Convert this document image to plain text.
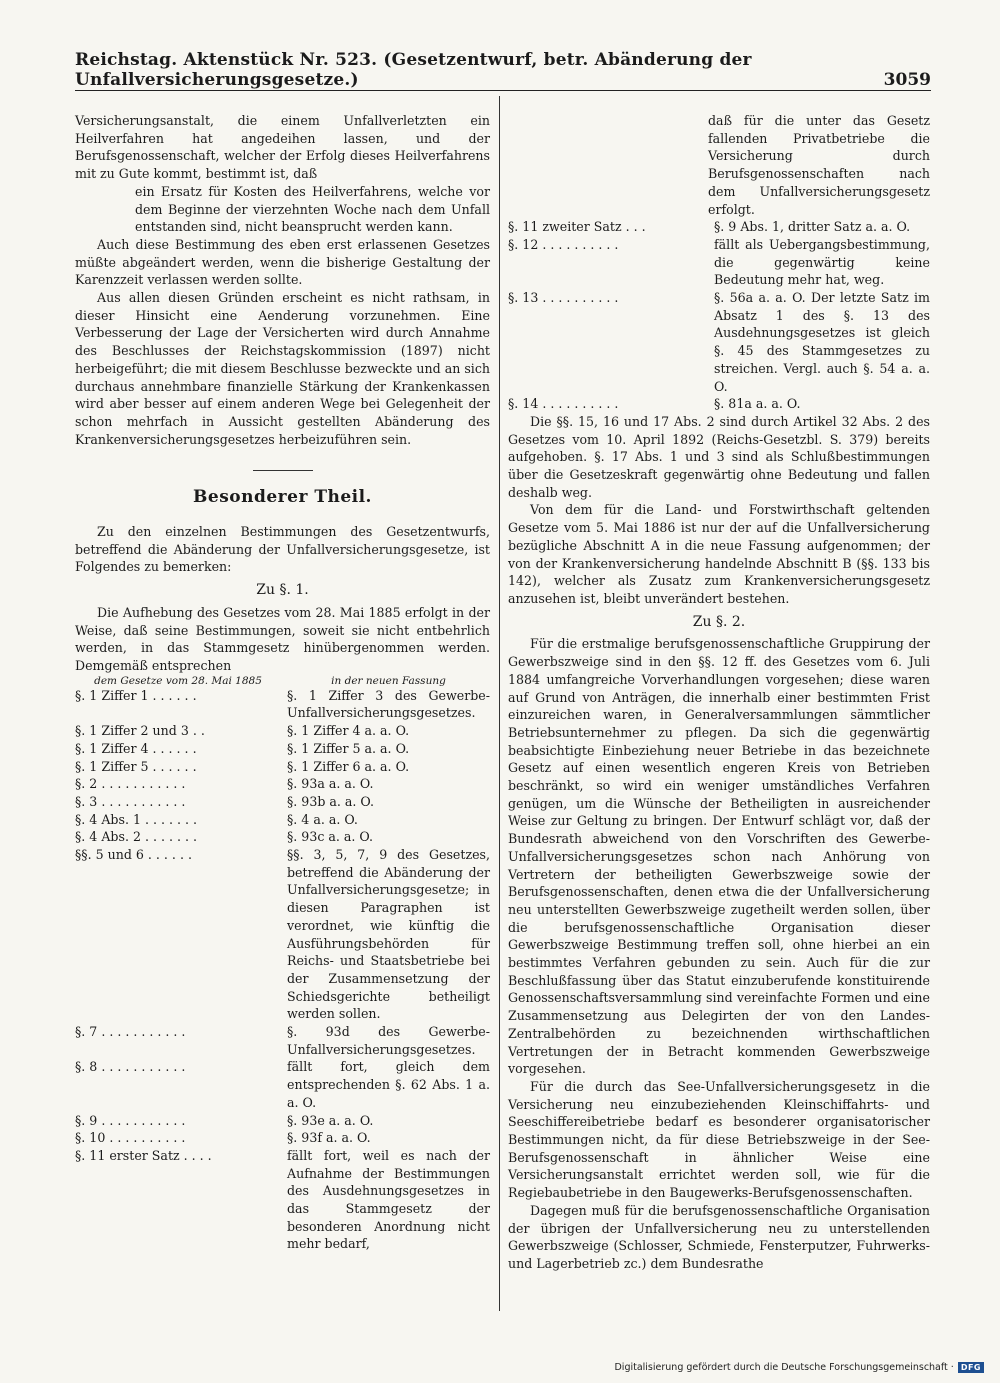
Reichstag. Aktenstück Nr. 523. (Gesetzentwurf, betr. Abänderung der Unfallversicherungsgesetze.)	3059

Versicherungsanstalt, die einem Unfallverletzten ein Heilverfahren hat angedeihen lassen, und der Berufsgenossenschaft, welcher der Erfolg dieses Heilverfahrens mit zu Gute kommt, bestimmt ist, daß

ein Ersatz für Kosten des Heilverfahrens, welche vor dem Beginne der vierzehnten Woche nach dem Unfall entstanden sind, nicht beansprucht werden kann.

Auch diese Bestimmung des eben erst erlassenen Gesetzes müßte abgeändert werden, wenn die bisherige Gestaltung der Karenzzeit verlassen werden sollte.

Aus allen diesen Gründen erscheint es nicht rathsam, in dieser Hinsicht eine Aenderung vorzunehmen. Eine Verbesserung der Lage der Versicherten wird durch Annahme des Beschlusses der Reichstagskommission (1897) nicht herbeigeführt; die mit diesem Beschlusse bezweckte und an sich durchaus annehmbare finanzielle Stärkung der Krankenkassen wird aber besser auf einem anderen Wege bei Gelegenheit der schon mehrfach in Aussicht gestellten Abänderung des Krankenversicherungsgesetzes herbeizuführen sein.

Besonderer Theil.

Zu den einzelnen Bestimmungen des Gesetzentwurfs, betreffend die Abänderung der Unfallversicherungsgesetze, ist Folgendes zu bemerken:

Zu §. 1.

Die Aufhebung des Gesetzes vom 28. Mai 1885 erfolgt in der Weise, daß seine Bestimmungen, soweit sie nicht entbehrlich werden, in das Stammgesetz hinübergenommen werden. Demgemäß entsprechen

dem Gesetze vom 28. Mai 1885	in der neuen Fassung
§. 1 Ziffer 1 . . . . . .	§. 1 Ziffer 3 des Gewerbe-Unfallversicherungsgesetzes.
§. 1 Ziffer 2 und 3 . .	§. 1 Ziffer 4 a. a. O.
§. 1 Ziffer 4 . . . . . .	§. 1 Ziffer 5 a. a. O.
§. 1 Ziffer 5 . . . . . .	§. 1 Ziffer 6 a. a. O.
§. 2 . . . . . . . . . . .	§. 93a a. a. O.
§. 3 . . . . . . . . . . .	§. 93b a. a. O.
§. 4 Abs. 1 . . . . . . .	§. 4 a. a. O.
§. 4 Abs. 2 . . . . . . .	§. 93c a. a. O.
§§. 5 und 6 . . . . . .	§§. 3, 5, 7, 9 des Gesetzes, betreffend die Abänderung der Unfallversicherungsgesetze; in diesen Paragraphen ist verordnet, wie künftig die Ausführungsbehörden für Reichs- und Staatsbetriebe bei der Zusammensetzung der Schiedsgerichte betheiligt werden sollen.
§. 7 . . . . . . . . . . .	§. 93d des Gewerbe-Unfallversicherungsgesetzes.
§. 8 . . . . . . . . . . .	fällt fort, gleich dem entsprechenden §. 62 Abs. 1 a. a. O.
§. 9 . . . . . . . . . . .	§. 93e a. a. O.
§. 10 . . . . . . . . . .	§. 93f a. a. O.
§. 11 erster Satz . . . .	fällt fort, weil es nach der Aufnahme der Bestimmungen des Ausdehnungsgesetzes in das Stammgesetz der besonderen Anordnung nicht mehr bedarf,

daß für die unter das Gesetz fallenden Privatbetriebe die Versicherung durch Berufsgenossenschaften nach dem Unfallversicherungsgesetz erfolgt.

§. 11 zweiter Satz . . .	§. 9 Abs. 1, dritter Satz a. a. O.
§. 12 . . . . . . . . . .	fällt als Uebergangsbestimmung, die gegenwärtig keine Bedeutung mehr hat, weg.
§. 13 . . . . . . . . . .	§. 56a a. a. O. Der letzte Satz im Absatz 1 des §. 13 des Ausdehnungsgesetzes ist gleich §. 45 des Stammgesetzes zu streichen. Vergl. auch §. 54 a. a. O.
§. 14 . . . . . . . . . .	§. 81a a. a. O.

Die §§. 15, 16 und 17 Abs. 2 sind durch Artikel 32 Abs. 2 des Gesetzes vom 10. April 1892 (Reichs-Gesetzbl. S. 379) bereits aufgehoben. §. 17 Abs. 1 und 3 sind als Schlußbestimmungen über die Gesetzeskraft gegenwärtig ohne Bedeutung und fallen deshalb weg.

Von dem für die Land- und Forstwirthschaft geltenden Gesetze vom 5. Mai 1886 ist nur der auf die Unfallversicherung bezügliche Abschnitt A in die neue Fassung aufgenommen; der von der Krankenversicherung handelnde Abschnitt B (§§. 133 bis 142), welcher als Zusatz zum Krankenversicherungsgesetz anzusehen ist, bleibt unverändert bestehen.

Zu §. 2.

Für die erstmalige berufsgenossenschaftliche Gruppirung der Gewerbszweige sind in den §§. 12 ff. des Gesetzes vom 6. Juli 1884 umfangreiche Vorverhandlungen vorgesehen; diese waren auf Grund von Anträgen, die innerhalb einer bestimmten Frist einzureichen waren, in Generalversammlungen sämmtlicher Betriebsunternehmer zu pflegen. Da sich die gegenwärtig beabsichtigte Einbeziehung neuer Betriebe in das bezeichnete Gesetz auf einen wesentlich engeren Kreis von Betrieben beschränkt, so wird ein weniger umständliches Verfahren genügen, um die Wünsche der Betheiligten in ausreichender Weise zur Geltung zu bringen. Der Entwurf schlägt vor, daß der Bundesrath abweichend von den Vorschriften des Gewerbe-Unfallversicherungsgesetzes schon nach Anhörung von Vertretern der betheiligten Gewerbszweige sowie der Berufsgenossenschaften, denen etwa die der Unfallversicherung neu unterstellten Gewerbszweige zugetheilt werden sollen, über die berufsgenossenschaftliche Organisation dieser Gewerbszweige Bestimmung treffen soll, ohne hierbei an ein bestimmtes Verfahren gebunden zu sein. Auch für die zur Beschlußfassung über das Statut einzuberufende konstituirende Genossenschaftsversammlung sind vereinfachte Formen und eine Zusammensetzung aus Delegirten der von den Landes-Zentralbehörden zu bezeichnenden wirthschaftlichen Vertretungen der in Betracht kommenden Gewerbszweige vorgesehen.

Für die durch das See-Unfallversicherungsgesetz in die Versicherung neu einzubeziehenden Kleinschiffahrts- und Seeschiffereibetriebe bedarf es besonderer organisatorischer Bestimmungen nicht, da für diese Betriebszweige in der See-Berufsgenossenschaft in ähnlicher Weise eine Versicherungsanstalt errichtet werden soll, wie für die Regiebaubetriebe in den Baugewerks-Berufsgenossenschaften.

Dagegen muß für die berufsgenossenschaftliche Organisation der übrigen der Unfallversicherung neu zu unterstellenden Gewerbszweige (Schlosser, Schmiede, Fensterputzer, Fuhrwerks- und Lagerbetrieb zc.) dem Bundesrathe

Digitalisierung gefördert durch die Deutsche Forschungsgemeinschaft · DFG
